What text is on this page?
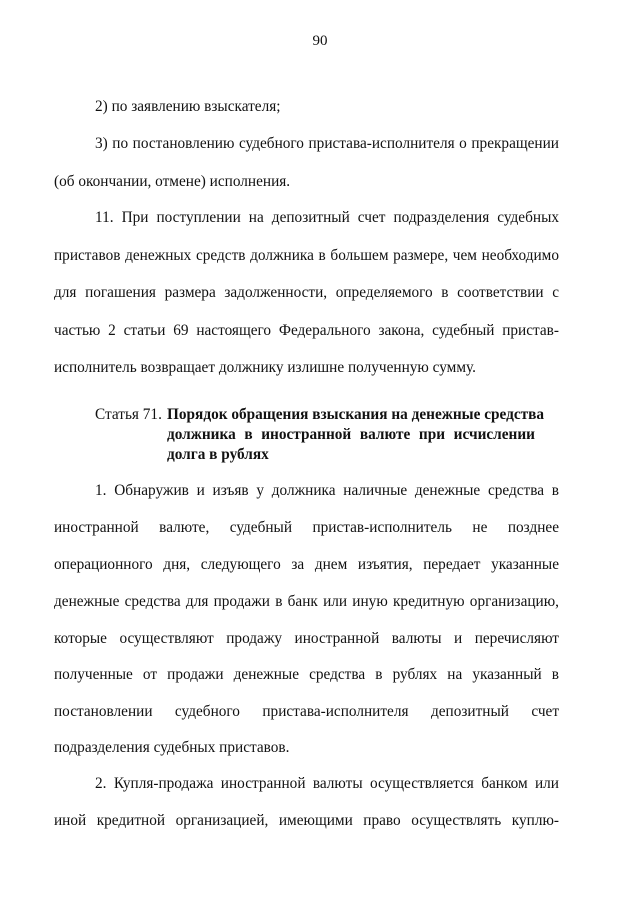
90
2) по заявлению взыскателя;
3) по постановлению судебного пристава-исполнителя о прекращении
(об окончании, отмене) исполнения.
11. При поступлении на депозитный счет подразделения судебных
приставов денежных средств должника в большем размере, чем необходимо
для погашения размера задолженности, определяемого в соответствии с
частью 2 статьи 69 настоящего Федерального закона, судебный пристав-
исполнитель возвращает должнику излишне полученную сумму.
Статья 71. Порядок обращения взыскания на денежные средства
должника в иностранной валюте при исчислении
долга в рублях
1. Обнаружив и изъяв у должника наличные денежные средства в
иностранной валюте, судебный пристав-исполнитель не позднее
операционного дня, следующего за днем изъятия, передает указанные
денежные средства для продажи в банк или иную кредитную организацию,
которые осуществляют продажу иностранной валюты и перечисляют
полученные от продажи денежные средства в рублях на указанный в
постановлении судебного пристава-исполнителя депозитный счет
подразделения судебных приставов.
2. Купля-продажа иностранной валюты осуществляется банком или
иной кредитной организацией, имеющими право осуществлять куплю-
